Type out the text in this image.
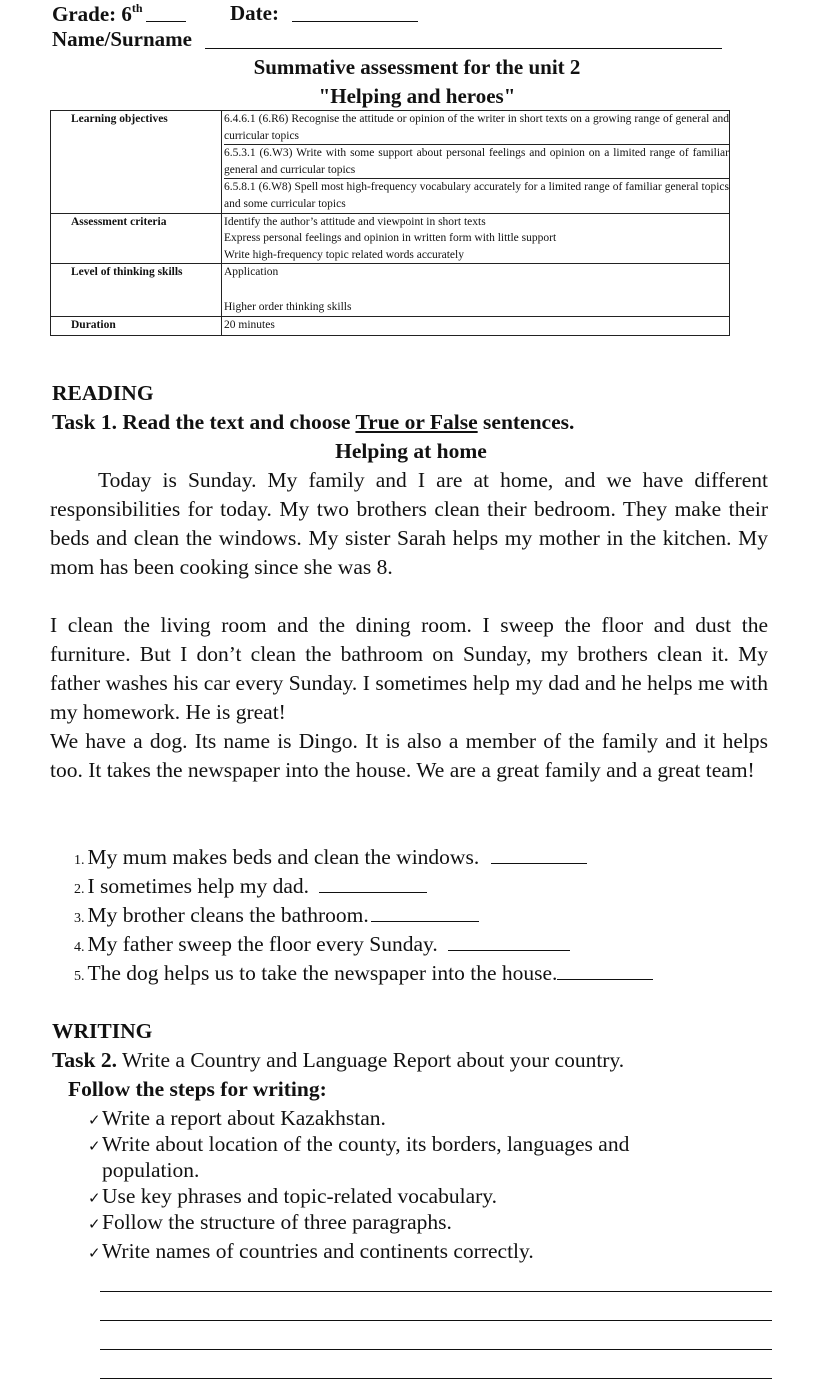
Grade: 6th	Date:
Name/Surname
Summative assessment for the unit 2
"Helping and heroes"
Learning objectives	6.4.6.1 (6.R6) Recognise the attitude or opinion of the writer in short texts on a growing range of general and curricular topics
6.5.3.1 (6.W3) Write with some support about personal feelings and opinion on a limited range of familiar general and curricular topics
6.5.8.1 (6.W8) Spell most high-frequency vocabulary accurately for a limited range of familiar general topics and some curricular topics

Assessment criteria	Identify the author’s attitude and viewpoint in short texts
Express personal feelings and opinion in written form with little support
Write high-frequency topic related words accurately

Level of thinking skills	Application
Higher order thinking skills

Duration	20 minutes
READING
Task 1. Read the text and choose True or False sentences.
Helping at home
Today is Sunday. My family and I are at home, and we have different responsibilities for today. My two brothers clean their bedroom. They make their beds and clean the windows. My sister Sarah helps my mother in the kitchen. My mom has been cooking since she was 8.
I clean the living room and the dining room. I sweep the floor and dust the furniture. But I don’t clean the bathroom on Sunday, my brothers clean it. My father washes his car every Sunday. I sometimes help my dad and he helps me with my homework. He is great!
We have a dog. Its name is Dingo. It is also a member of the family and it helps too. It takes the newspaper into the house. We are a great family and a great team!
1. My mum makes beds and clean the windows.
2. I sometimes help my dad.
3. My brother cleans the bathroom.
4. My father sweep the floor every Sunday.
5. The dog helps us to take the newspaper into the house.
WRITING
Task 2. Write a Country and Language Report about your country.
Follow the steps for writing:
✓Write a report about Kazakhstan.
✓Write about location of the county, its borders, languages and population.
✓Use key phrases and topic-related vocabulary.
✓Follow the structure of three paragraphs.
✓Write names of countries and continents correctly.
